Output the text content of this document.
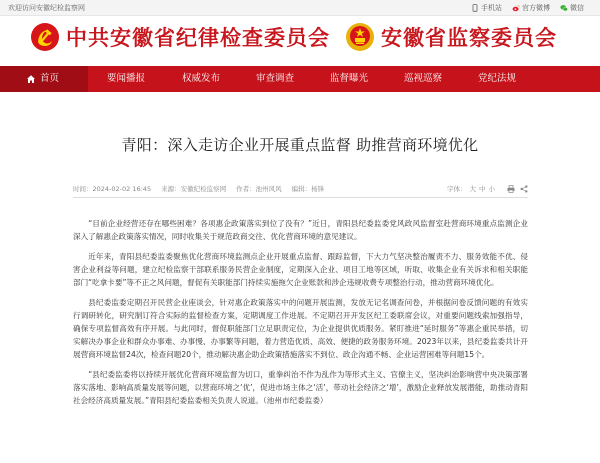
欢迎访问安徽纪检监察网	手机站	官方微博	微信
中共安徽省纪律检查委员会 安徽省监察委员会
首页	要闻播报	权威发布	审查调查	监督曝光	巡视巡察	党纪法规
青阳：深入走访企业开展重点监督 助推营商环境优化
时间：2024-02-02 16:45 来源：安徽纪检监察网 作者：池州风风 编辑：杨锋	字体： 大 中 小

“目前企业经营还存在哪些困难？各项惠企政策落实到位了没有？”近日，青阳县纪委监委党风政风监督室赴营商环境重点监测企业深入了解惠企政策落实情况，同时收集关于规范政商交往、优化营商环境的意见建议。

近年来，青阳县纪委监委聚焦优化营商环境监测点企业开展重点监督、跟踪监督，下大力气坚决整治履责不力、服务效能不优、侵害企业利益等问题，建立纪检监察干部联系服务民营企业制度，定期深入企业、项目工地等区域，听取、收集企业有关诉求和相关职能部门“吃拿卡要”等不正之风问题，督促有关职能部门持续实施拖欠企业账款和涉企违规收费专项整治行动，推动营商环境优化。

县纪委监委定期召开民营企业座谈会，针对惠企政策落实中的问题开展监测，发放无记名调查问卷，并根据问卷反馈问题的有效实行调研转化，研究制订符合实际的监督检查方案，定期调度工作进展。不定期召开开发区纪工委联席会议，对重要问题线索加强指导，确保专项监督高效有序开展。与此同时，督促职能部门立足职责定位，为企业提供优质服务。紧盯推进“延时服务”等惠企重民举措，切实解决办事企业和群众办事难、办事慢、办事繁等问题，着力营造优质、高效、便捷的政务服务环境。2023年以来，县纪委监委共计开展营商环境监督24次，检查问题20个，推动解决惠企助企政策措施落实不到位、政企沟通不畅、企业运营困难等问题15个。

“县纪委监委将以持续开展优化营商环境监督为切口，重拳纠治不作为乱作为等形式主义、官僚主义，坚决纠治影响营中央决策部署落实落地、影响高质量发展等问题，以营商环境之‘优’，促进市场主体之‘活’，带动社会经济之‘增’，激励企业释放发展潜能，助推动青阳社会经济高质量发展。”青阳县纪委监委相关负责人说道。（池州市纪委监委）
